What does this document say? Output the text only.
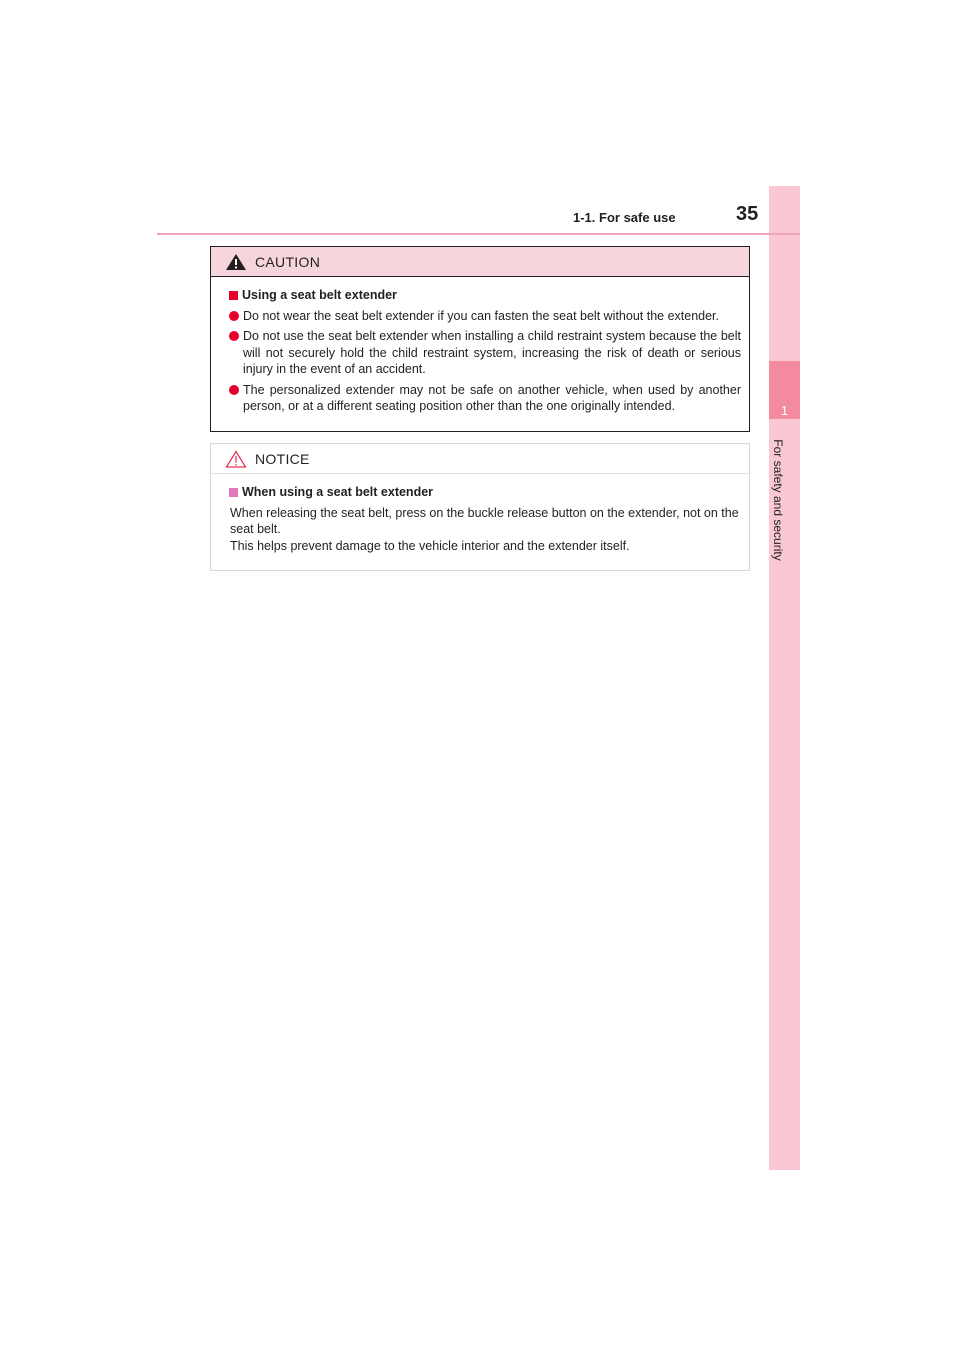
1
For safety and security
1-1. For safe use	35
CAUTION
Using a seat belt extender
Do not wear the seat belt extender if you can fasten the seat belt without the extender.
Do not use the seat belt extender when installing a child restraint system because the belt will not securely hold the child restraint system, increasing the risk of death or serious injury in the event of an accident.
The personalized extender may not be safe on another vehicle, when used by another person, or at a different seating position other than the one originally intended.
NOTICE
When using a seat belt extender
When releasing the seat belt, press on the buckle release button on the extender, not on the seat belt.
This helps prevent damage to the vehicle interior and the extender itself.
